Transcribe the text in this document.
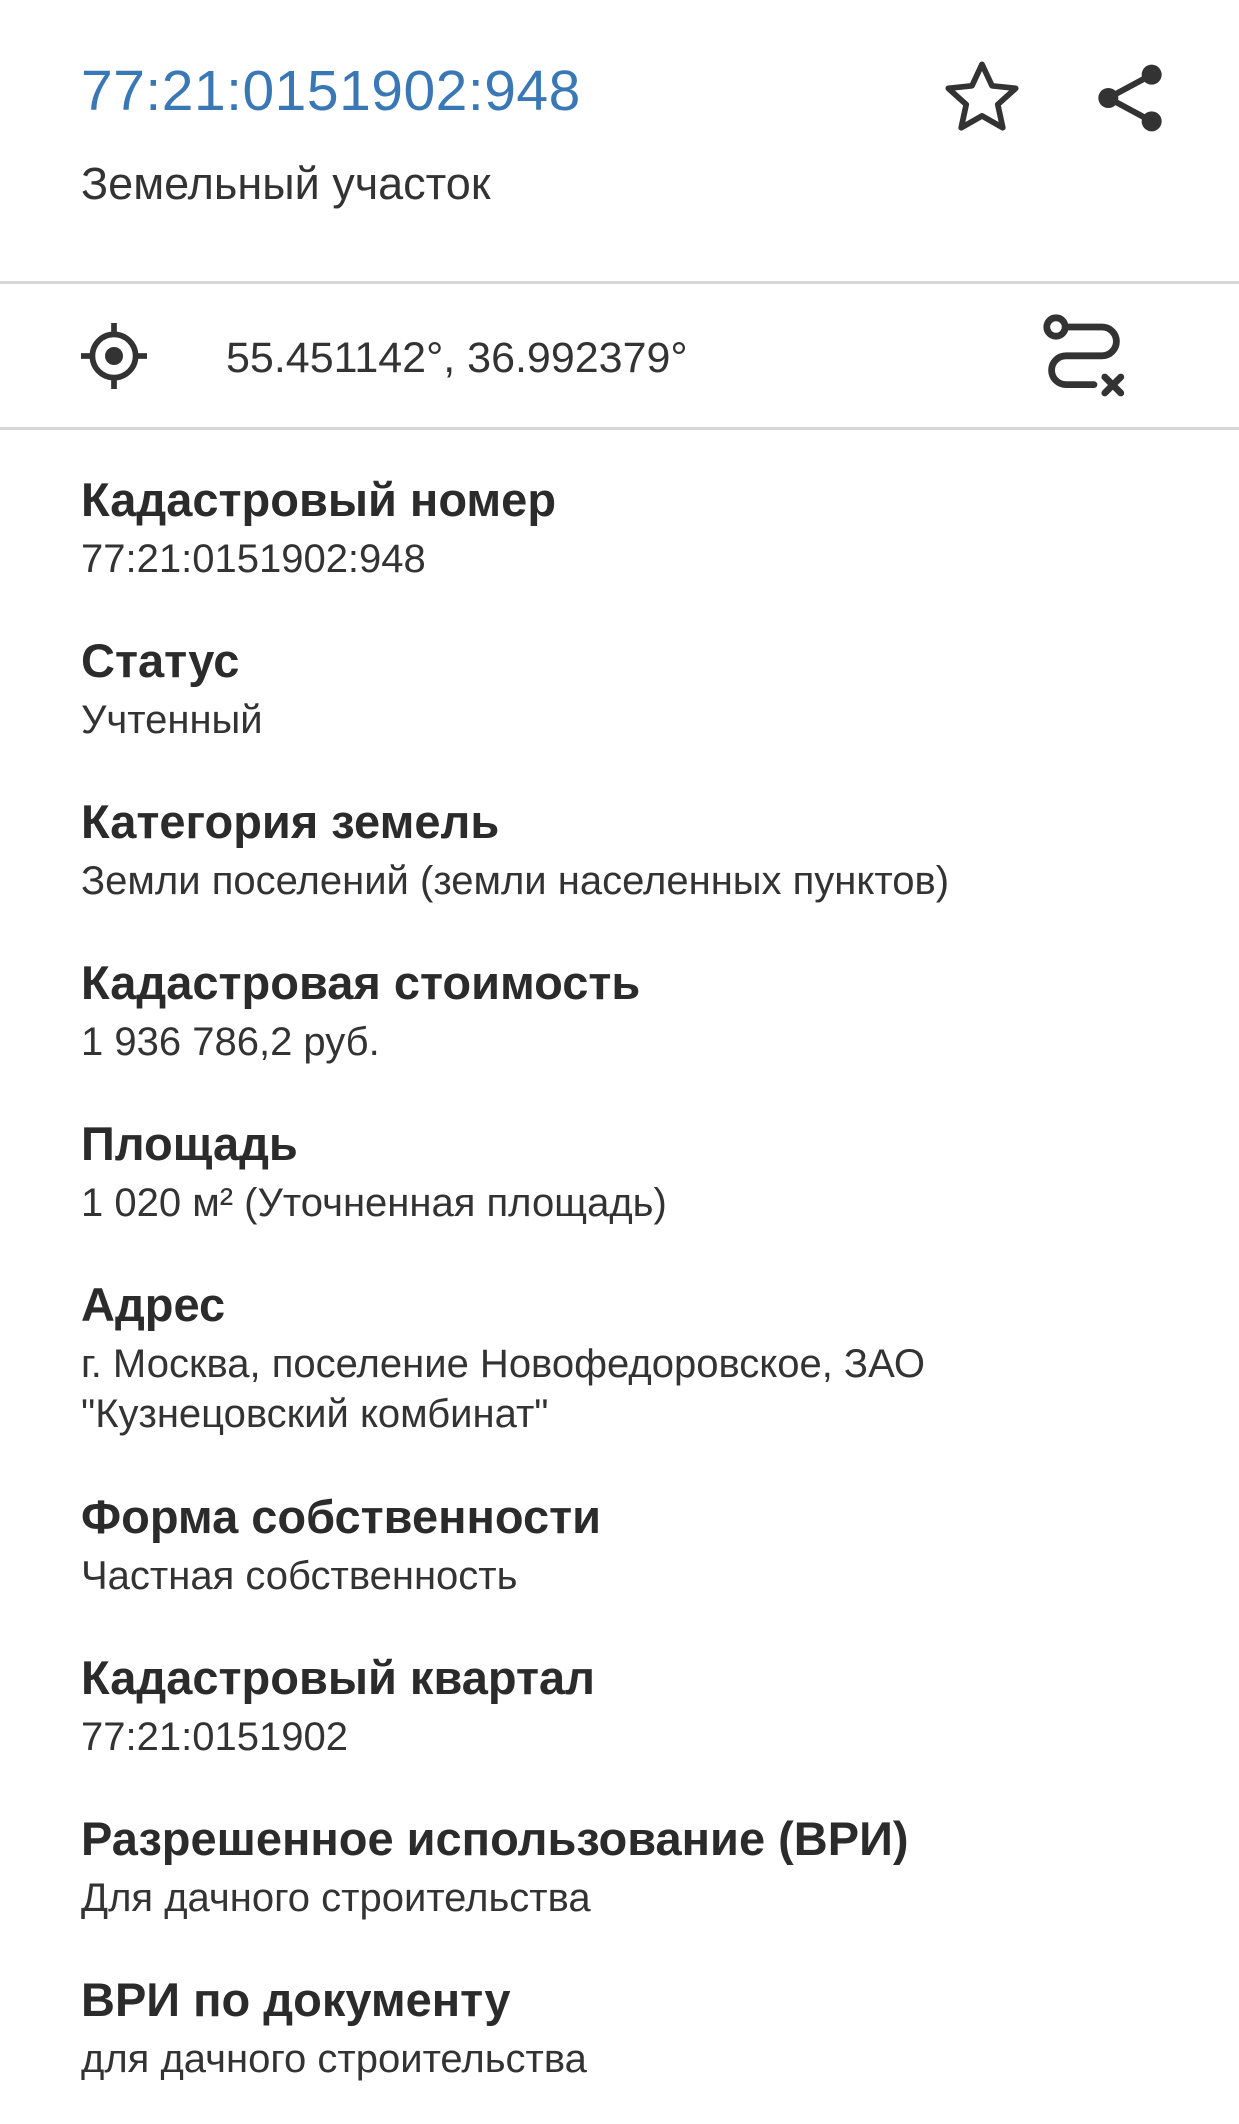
77:21:0151902:948
Земельный участок
55.451142°, 36.992379°
Кадастровый номер
77:21:0151902:948
Статус
Учтенный
Категория земель
Земли поселений (земли населенных пунктов)
Кадастровая стоимость
1 936 786,2 руб.
Площадь
1 020 м² (Уточненная площадь)
Адрес
г. Москва, поселение Новофедоровское, ЗАО "Кузнецовский комбинат"
Форма собственности
Частная собственность
Кадастровый квартал
77:21:0151902
Разрешенное использование (ВРИ)
Для дачного строительства
ВРИ по документу
для дачного строительства
